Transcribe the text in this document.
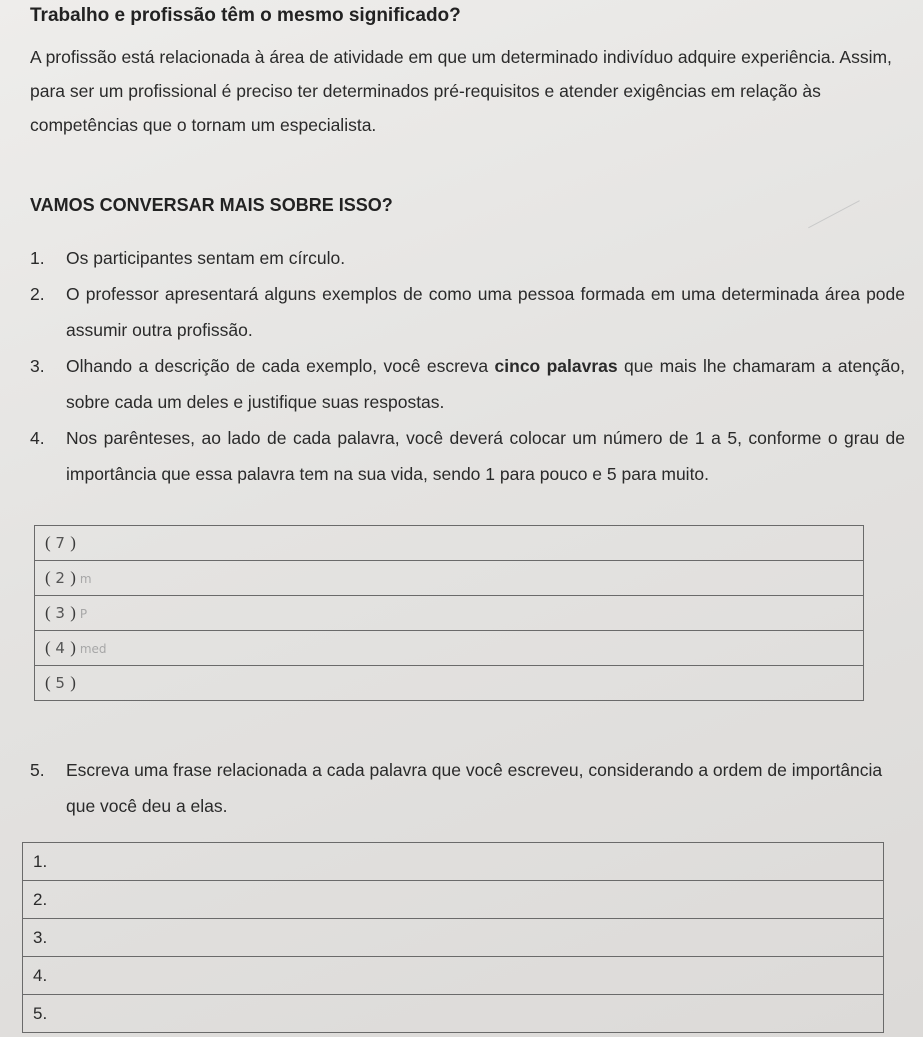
Trabalho e profissão têm o mesmo significado?
A profissão está relacionada à área de atividade em que um determinado indivíduo adquire experiência. Assim, para ser um profissional é preciso ter determinados pré-requisitos e atender exigências em relação às competências que o tornam um especialista.
VAMOS CONVERSAR MAIS SOBRE ISSO?
1. Os participantes sentam em círculo.
2. O professor apresentará alguns exemplos de como uma pessoa formada em uma determinada área pode assumir outra profissão.
3. Olhando a descrição de cada exemplo, você escreva cinco palavras que mais lhe chamaram a atenção, sobre cada um deles e justifique suas respostas.
4. Nos parênteses, ao lado de cada palavra, você deverá colocar um número de 1 a 5, conforme o grau de importância que essa palavra tem na sua vida, sendo 1 para pouco e 5 para muito.
( 7 )
( 2 ) m
( 3 ) P
( 4 ) med
( 5 )
5. Escreva uma frase relacionada a cada palavra que você escreveu, considerando a ordem de importância que você deu a elas.
1.
2.
3.
4.
5.
